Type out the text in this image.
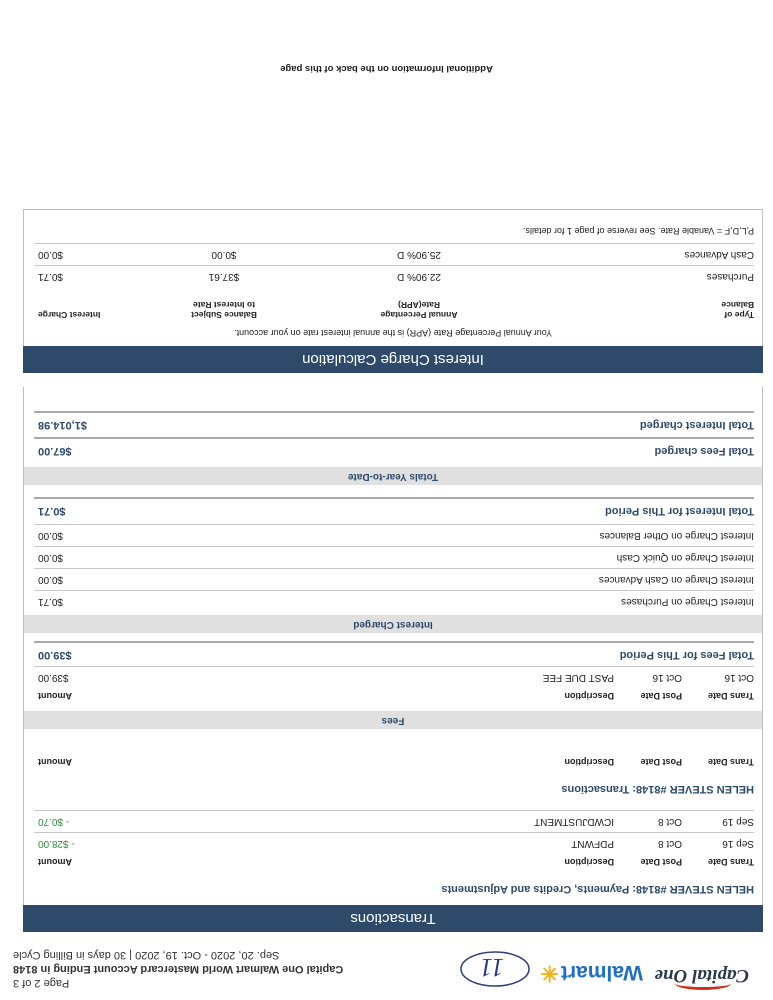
Capital One
Walmart✳
11
Page 2 of 3
Capital One Walmart World Mastercard Account Ending in 8148
Sep. 20, 2020 - Oct. 19, 2020 | 30 days in Billing Cycle
Transactions
HELEN STEVER #8148: Payments, Credits and Adjustments
Trans Date
Post Date
Description
Amount
Sep 16
Oct 8
PDFWNT
- $28.00
Sep 19
Oct 8
ICWDJUSTMENT
- $0.70
HELEN STEVER #8148: Transactions
Trans Date
Post Date
Description
Amount
Fees
Trans Date
Post Date
Description
Amount
Oct 16
Oct 16
PAST DUE FEE
$39.00
Total Fees for This Period
$39.00
Interest Charged
Interest Charge on Purchases
$0.71
Interest Charge on Cash Advances
$0.00
Interest Charge on Quick Cash
$0.00
Interest Charge on Other Balances
$0.00
Total Interest for This Period
$0.71
Totals Year-to-Date
Total Fees charged
$67.00
Total Interest charged
$1,014.98
Interest Charge Calculation
Your Annual Percentage Rate (APR) is the annual interest rate on your account.
Type of
Balance
Annual Percentage
Rate(APR)
Balance Subject
to Interest Rate
Interest Charge
Purchases
22.90% D
$37.61
$0.71
Cash Advances
25.90% D
$0.00
$0.00
P,L,D,F = Variable Rate. See reverse of page 1 for details.
Additional Information on the back of this page
